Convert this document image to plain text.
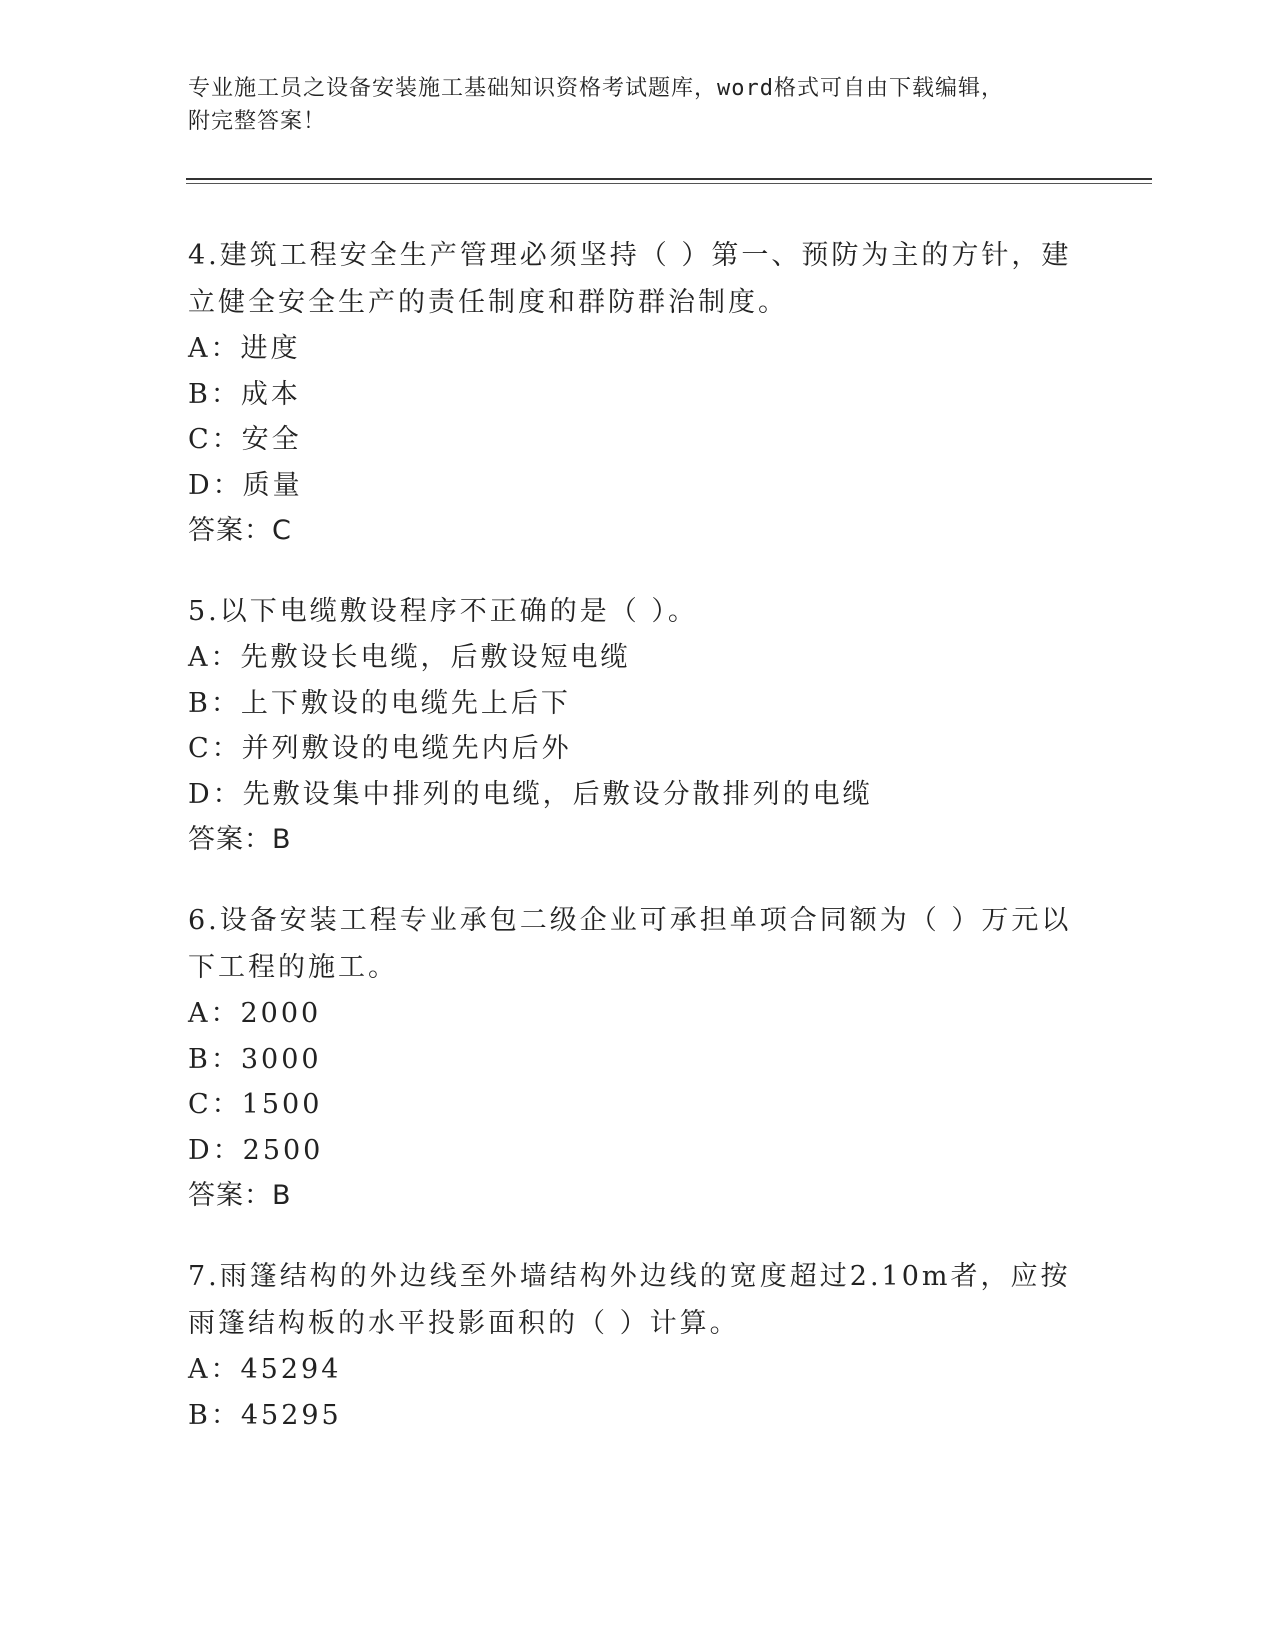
专业施工员之设备安装施工基础知识资格考试题库，word格式可自由下载编辑，
附完整答案！

4.建筑工程安全生产管理必须坚持（ ）第一、预防为主的方针，建立健全安全生产的责任制度和群防群治制度。

A：进度

B：成本

C：安全

D：质量

答案：C

5.以下电缆敷设程序不正确的是（ ）。

A：先敷设长电缆，后敷设短电缆

B：上下敷设的电缆先上后下

C：并列敷设的电缆先内后外

D：先敷设集中排列的电缆，后敷设分散排列的电缆

答案：B

6.设备安装工程专业承包二级企业可承担单项合同额为（ ）万元以下工程的施工。

A：2000

B：3000

C：1500

D：2500

答案：B

7.雨篷结构的外边线至外墙结构外边线的宽度超过2.10m者，应按雨篷结构板的水平投影面积的（ ）计算。

A：45294

B：45295
